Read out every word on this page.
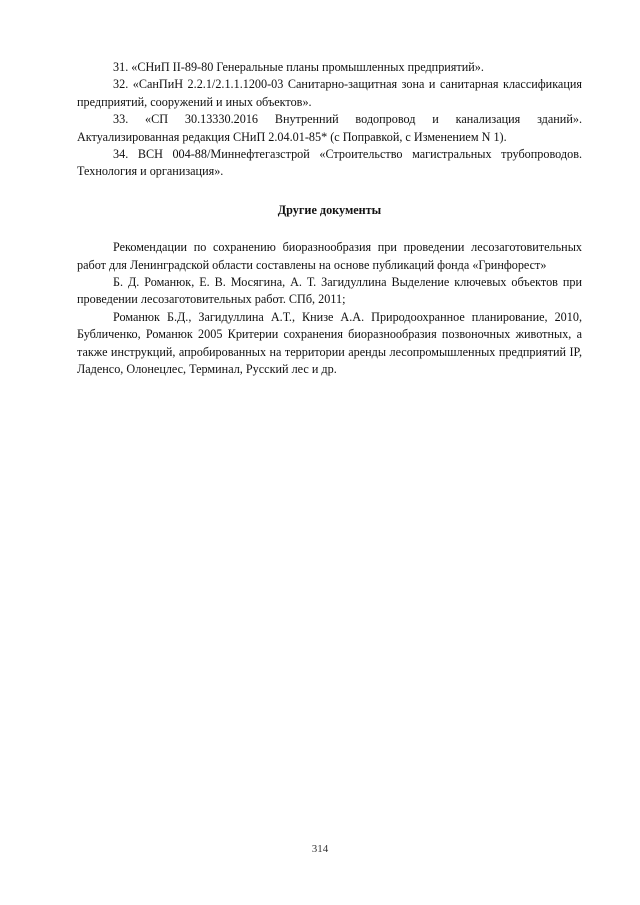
31. «СНиП II-89-80 Генеральные планы промышленных предприятий».
32. «СанПиН 2.2.1/2.1.1.1200-03 Санитарно-защитная зона и санитарная классификация предприятий, сооружений и иных объектов».
33. «СП 30.13330.2016 Внутренний водопровод и канализация зданий». Актуализированная редакция СНиП 2.04.01-85* (с Поправкой, с Изменением N 1).
34. ВСН 004-88/Миннефтегазстрой «Строительство магистральных трубопроводов. Технология и организация».
Другие документы

Рекомендации по сохранению биоразнообразия при проведении лесозаготовительных работ для Ленинградской области составлены на основе публикаций фонда «Гринфорест»

Б. Д. Романюк, Е. В. Мосягина, А. Т. Загидуллина Выделение ключевых объектов при проведении лесозаготовительных работ. СПб, 2011;

Романюк Б.Д., Загидуллина А.Т., Книзе А.А. Природоохранное планирование, 2010, Бубличенко, Романюк 2005 Критерии сохранения биоразнообразия позвоночных животных, а также инструкций, апробированных на территории аренды лесопромышленных предприятий IP, Ладенсо, Олонецлес, Терминал, Русский лес и др.

314
